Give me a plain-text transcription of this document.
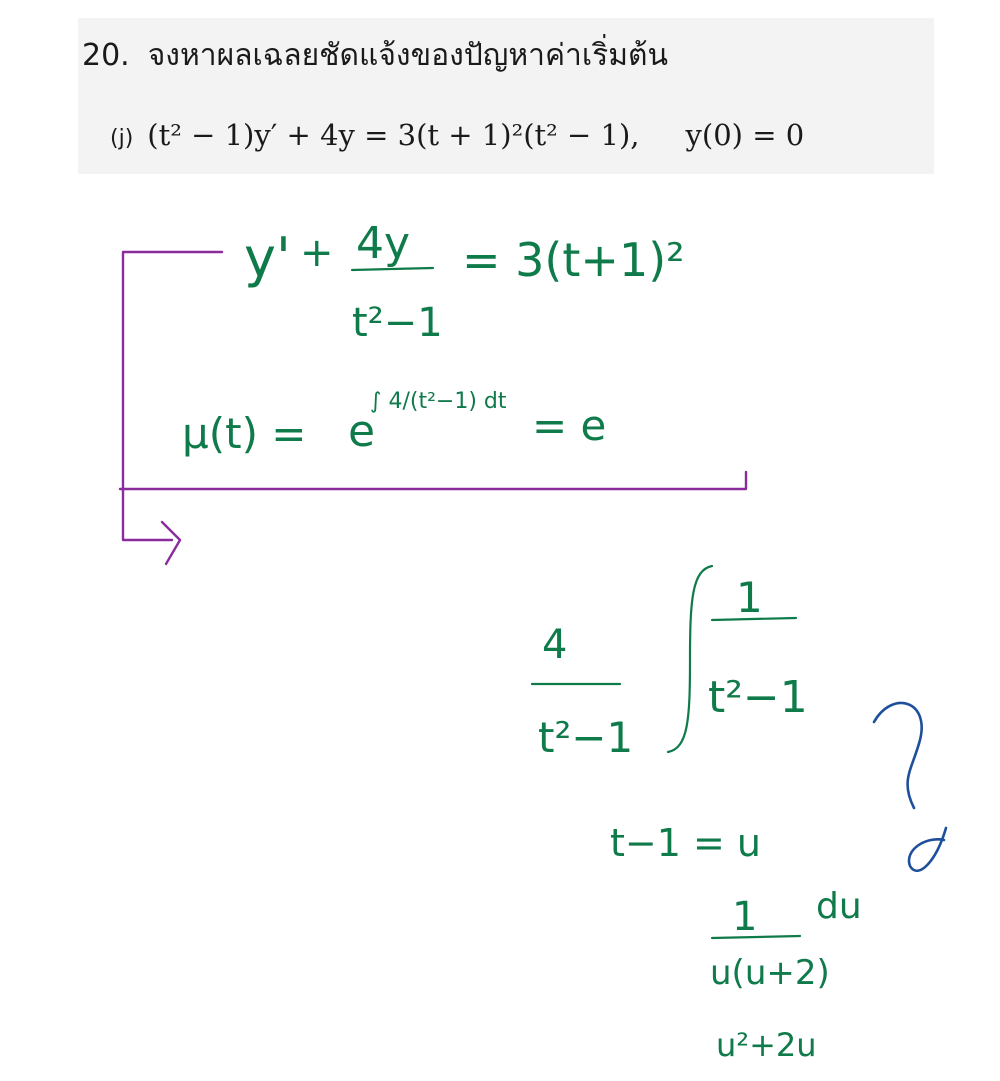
20. จงหาผลเฉลยชัดแจ้งของปัญหาค่าเริ่มต้น
(j) (t² − 1)y′ + 4y = 3(t + 1)²(t² − 1), y(0) = 0
y' + 4y
t²−1
= 3(t+1)²
μ(t) = e
∫ 4/(t²−1) dt = e
4
t²−1
1
t²−1
?
t−1 = u
1 du
u(u+2)
u²+2u
